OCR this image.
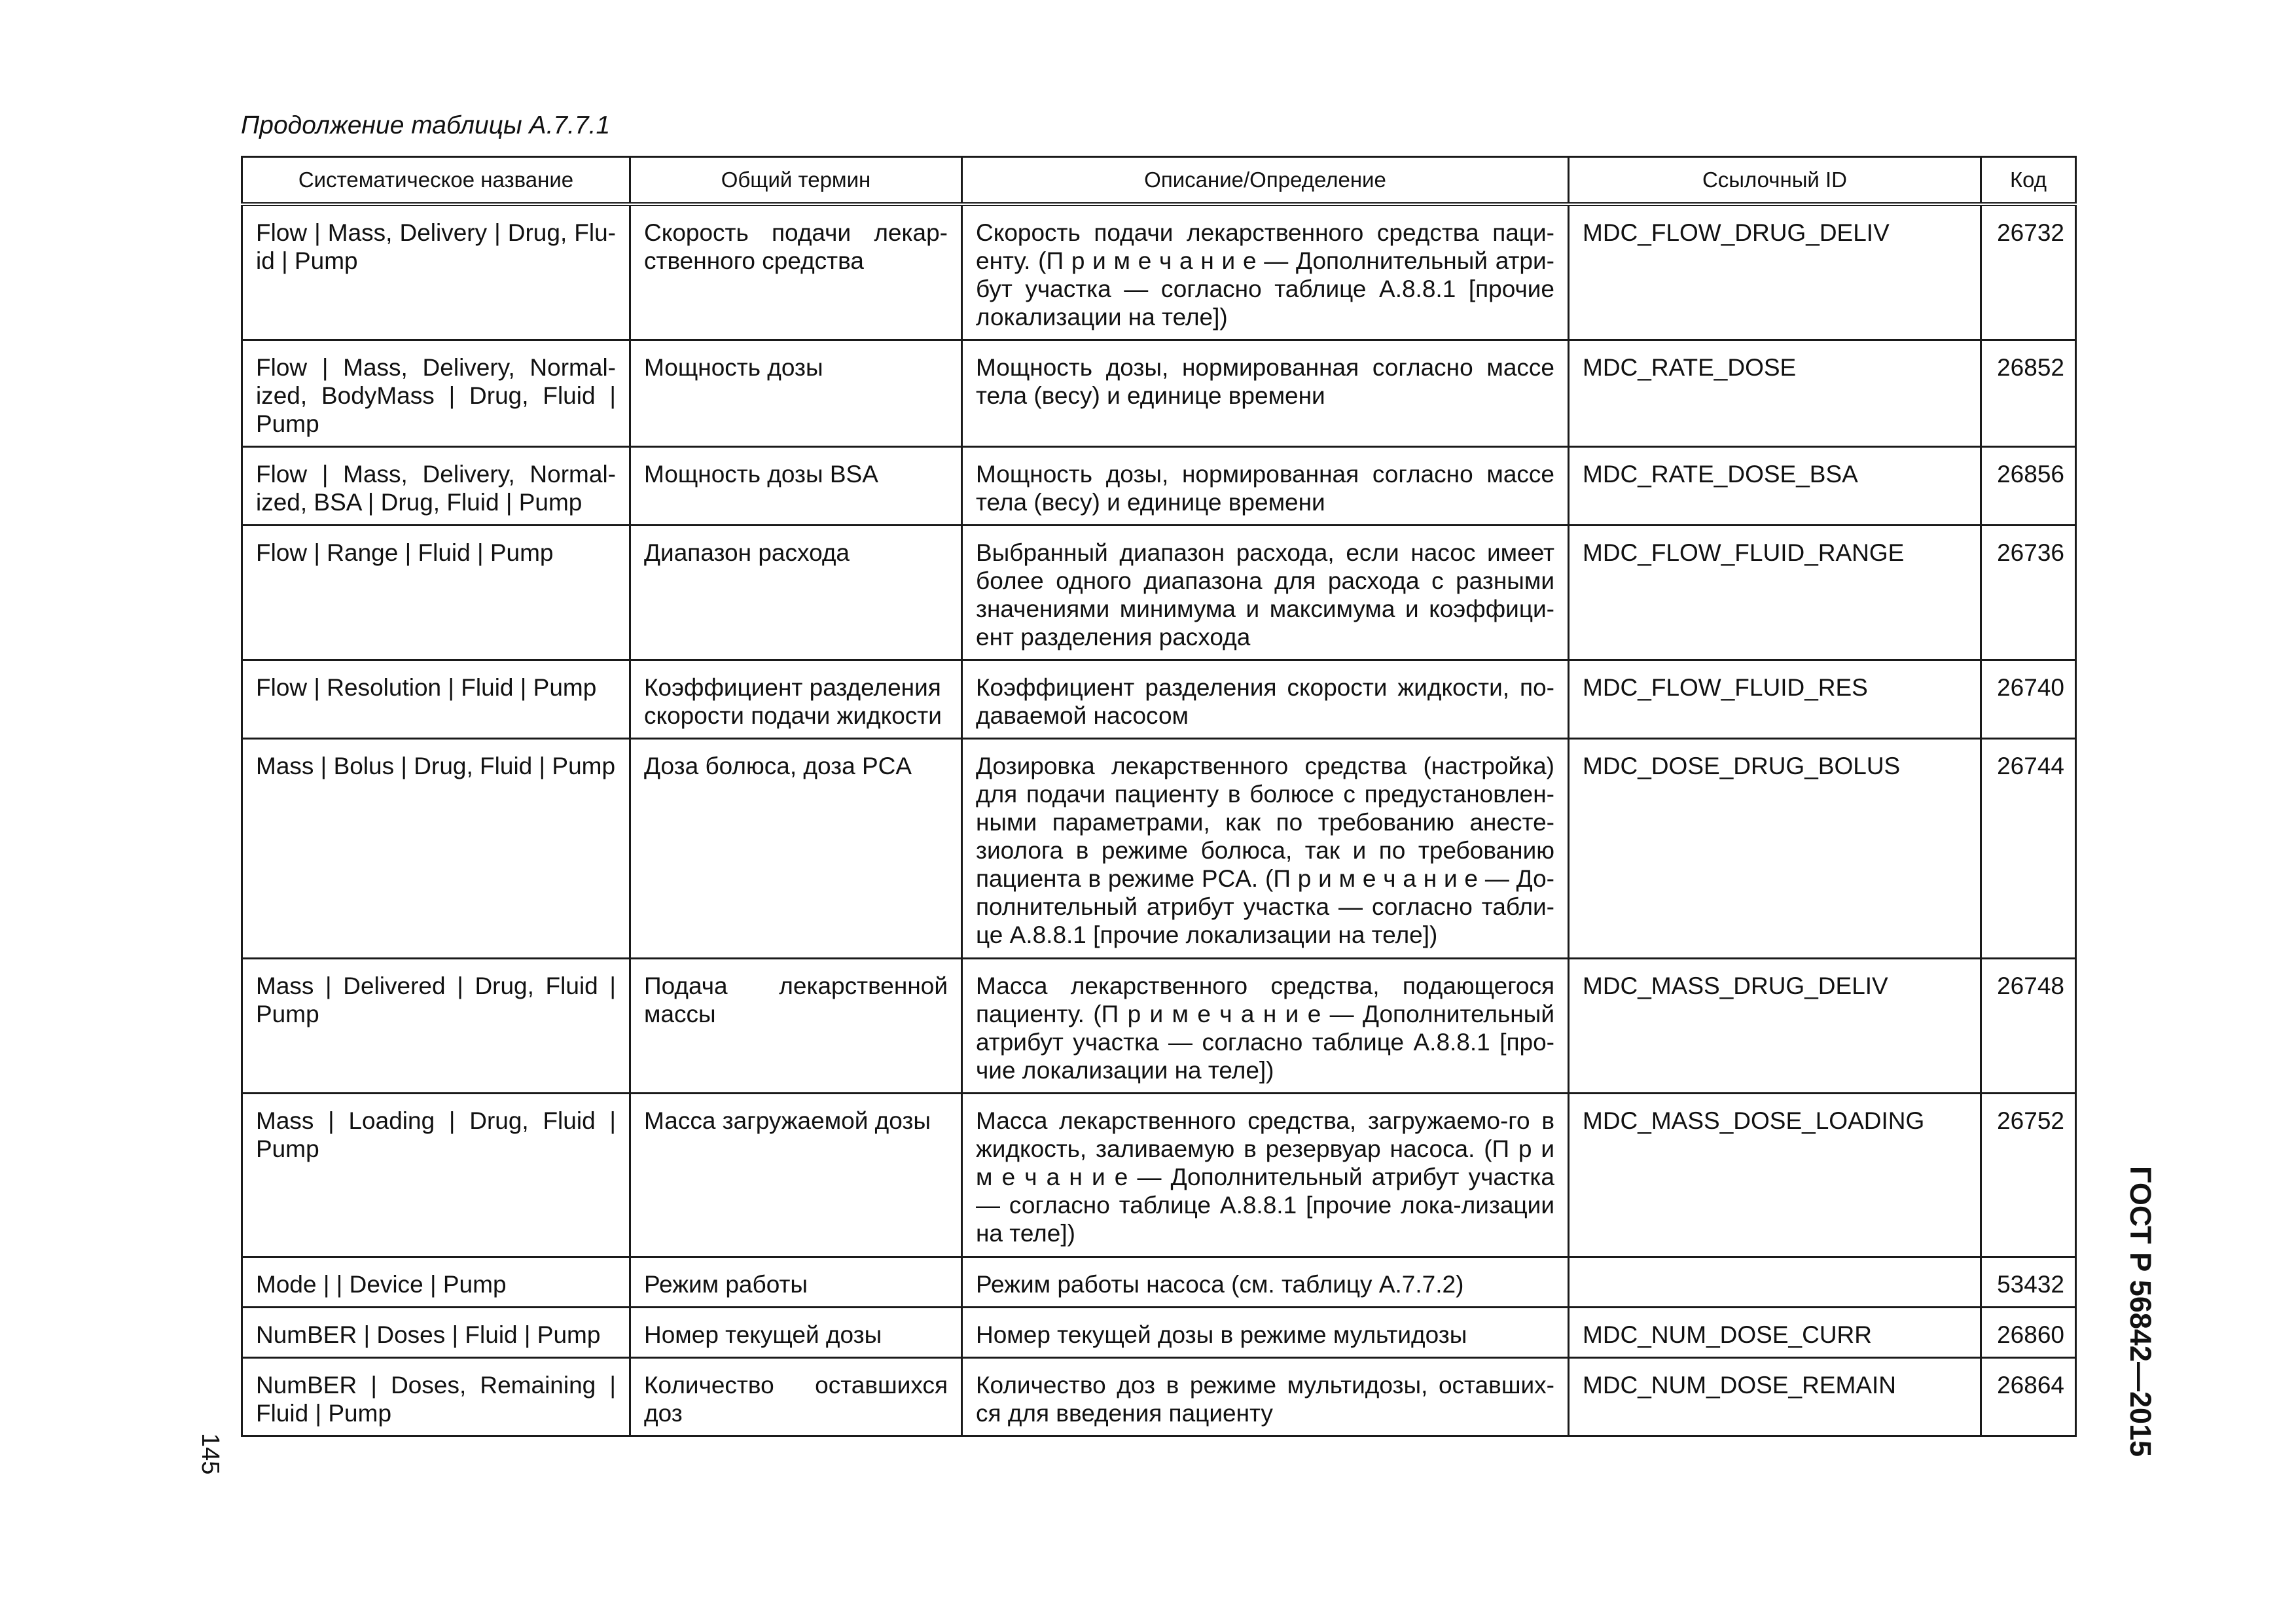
Продолжение таблицы А.7.7.1
Систематическое название	Общий термин	Описание/Определение	Ссылочный ID	Код
Flow | Mass, Delivery | Drug, Flu-id | Pump	Скорость подачи лекар-ственного средства	Скорость подачи лекарственного средства паци-енту. (П р и м е ч а н и е — Дополнительный атри-бут участка — согласно таблице А.8.8.1 [прочие локализации на теле])	MDC_FLOW_DRUG_DELIV	26732
Flow | Mass, Delivery, Normal-ized, BodyMass | Drug, Fluid | Pump	Мощность дозы	Мощность дозы, нормированная согласно массе тела (весу) и единице времени	MDC_RATE_DOSE	26852
Flow | Mass, Delivery, Normal-ized, BSA | Drug, Fluid | Pump	Мощность дозы BSA	Мощность дозы, нормированная согласно массе тела (весу) и единице времени	MDC_RATE_DOSE_BSA	26856
Flow | Range | Fluid | Pump	Диапазон расхода	Выбранный диапазон расхода, если насос имеет более одного диапазона для расхода с разными значениями минимума и максимума и коэффици-ент разделения расхода	MDC_FLOW_FLUID_RANGE	26736
Flow | Resolution | Fluid | Pump	Коэффициент разделения скорости подачи жидкости	Коэффициент разделения скорости жидкости, по-даваемой насосом	MDC_FLOW_FLUID_RES	26740
Mass | Bolus | Drug, Fluid | Pump	Доза болюса, доза PCA	Дозировка лекарственного средства (настройка) для подачи пациенту в болюсе с предустановлен-ными параметрами, как по требованию анесте-зиолога в режиме болюса, так и по требованию пациента в режиме PCA. (П р и м е ч а н и е — До-полнительный атрибут участка — согласно табли-це А.8.8.1 [прочие локализации на теле])	MDC_DOSE_DRUG_BOLUS	26744
Mass | Delivered | Drug, Fluid | Pump	Подача лекарственной массы	Масса лекарственного средства, подающегося пациенту. (П р и м е ч а н и е — Дополнительный атрибут участка — согласно таблице А.8.8.1 [про-чие локализации на теле])	MDC_MASS_DRUG_DELIV	26748
Mass | Loading | Drug, Fluid | Pump	Масса загружаемой дозы	Масса лекарственного средства, загружаемо-го в жидкость, заливаемую в резервуар насоса. (П р и м е ч а н и е — Дополнительный атрибут участка — согласно таблице А.8.8.1 [прочие лока-лизации на теле])	MDC_MASS_DOSE_LOADING	26752
Mode | | Device | Pump	Режим работы	Режим работы насоса (см. таблицу А.7.7.2)		53432
NumBER | Doses | Fluid | Pump	Номер текущей дозы	Номер текущей дозы в режиме мультидозы	MDC_NUM_DOSE_CURR	26860
NumBER | Doses, Remaining | Fluid | Pump	Количество оставшихся доз	Количество доз в режиме мультидозы, оставших-ся для введения пациенту	MDC_NUM_DOSE_REMAIN	26864 ГОСТ Р 56842—2015
145
